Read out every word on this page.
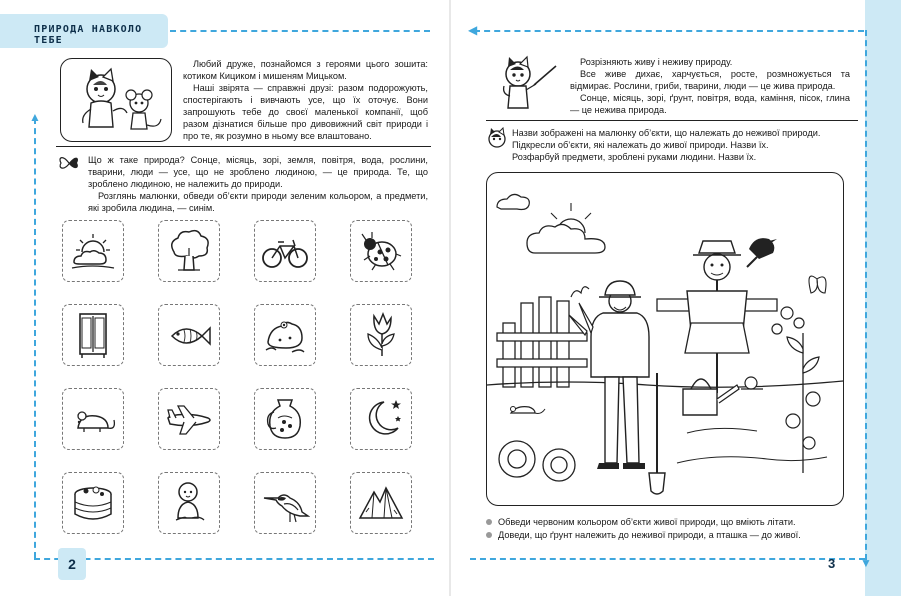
ПРИРОДА НАВКОЛО ТЕБЕ
▲

Любий друже, познайомся з героями цього зошита: котиком Кициком і мишеням Мицьком.

Наші звірята — справжні друзі: разом подорожують, спостерігають і вивчають усе, що їх оточує. Вони запрошують тебе до своєї маленької компанії, щоб разом дізнатися більше про дивовижний світ природи і про те, як розумно в ньому все влаштовано.

Що ж таке природа? Сонце, місяць, зорі, земля, повітря, вода, рослини, тварини, люди — усе, що не зроблено людиною, — це природа. Те, що зроблено людиною, не належить до природи.

Розглянь малюнки, обведи об’єкти природи зеленим кольором, а предмети, які зробила людина, — синім.

2
◀
▼

Розрізняють живу і неживу природу.

Все живе дихає, харчується, росте, розмножується та відмирає. Рослини, гриби, тварини, люди — це жива природа.

Сонце, місяць, зорі, ґрунт, повітря, вода, каміння, пісок, глина — це нежива природа.

Назви зображені на малюнку об’єкти, що належать до неживої природи.

Підкресли об’єкти, які належать до живої природи. Назви їх.

Розфарбуй предмети, зроблені руками людини. Назви їх.

Обведи червоним кольором об’єкти живої природи, що вміють літати.
Доведи, що ґрунт належить до неживої природи, а пташка — до живої.
3
